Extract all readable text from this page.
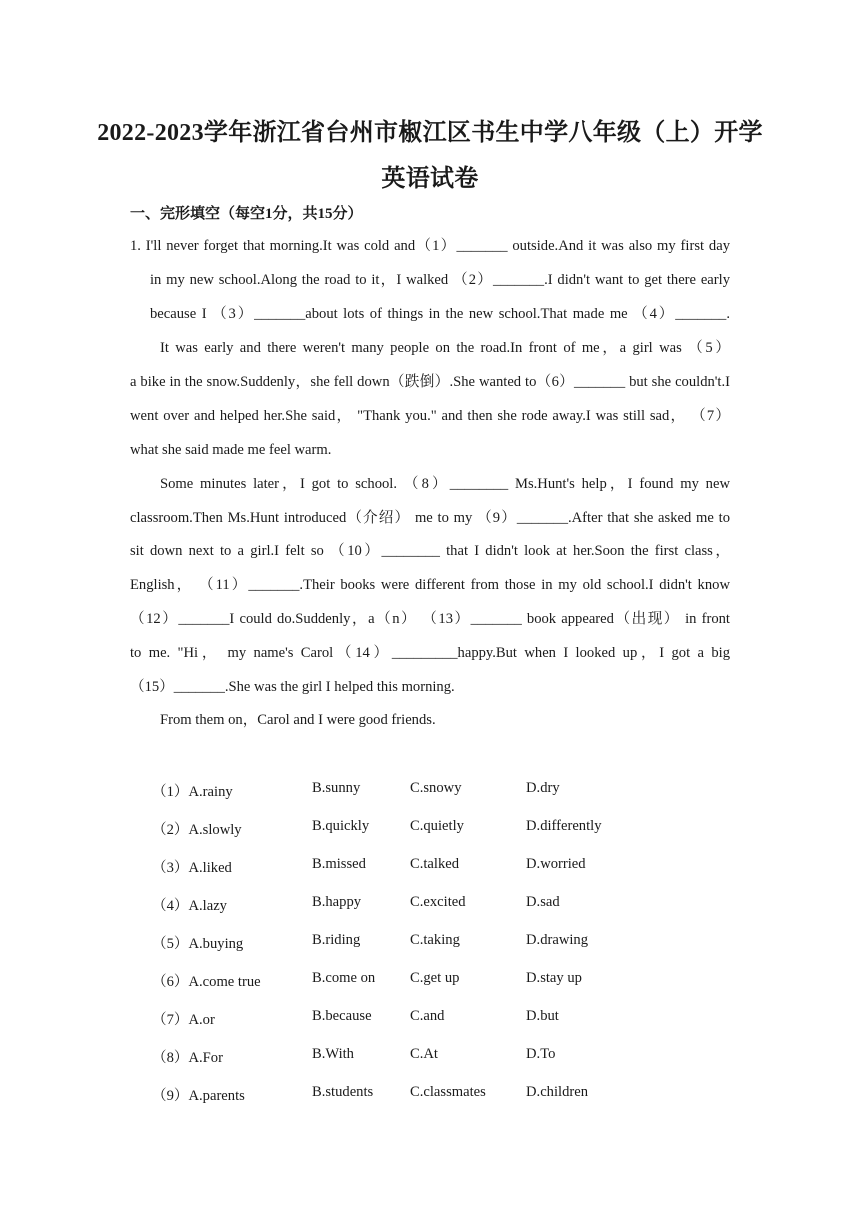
2022-2023学年浙江省台州市椒江区书生中学八年级（上）开学
英语试卷
一、完形填空（每空1分，共15分）
1. I'll never forget that morning.It was cold and（1）_______ outside.And it was also my first day
in my new school.Along the road to it，I walked （2）_______.I didn't want to get there early
because I （3）_______about lots of things in the new school.That made me （4）_______.
It was early and there weren't many people on the road.In front of me，a girl was （5）
a bike in the snow.Suddenly，she fell down（跌倒）.She wanted to（6）_______ but she couldn't.I
went over and helped her.She said， "Thank you." and then she rode away.I was still sad， （7）
what she said made me feel warm.
Some minutes later，I got to school. （8）________ Ms.Hunt's help，I found my new
classroom.Then Ms.Hunt introduced（介绍） me to my （9）_______.After that she asked me to
sit down next to a girl.I felt so （10）________ that I didn't look at her.Soon the first class，
English， （11）_______.Their books were different from those in my old school.I didn't know
（12）_______I could do.Suddenly，a（n） （13）_______ book appeared（出现） in front
to me. "Hi， my name's Carol（14）_________happy.But when I looked up，I got a big
（15）_______.She was the girl I helped this morning.
From them on，Carol and I were good friends.
（1）A.rainy	B.sunny	C.snowy	D.dry
（2）A.slowly	B.quickly	C.quietly	D.differently
（3）A.liked	B.missed	C.talked	D.worried
（4）A.lazy	B.happy	C.excited	D.sad
（5）A.buying	B.riding	C.taking	D.drawing
（6）A.come true	B.come on C.get up	D.stay up
（7）A.or	B.because	C.and	D.but
（8）A.For	B.With	C.At	D.To
（9）A.parents	B.students	C.classmates	D.children
